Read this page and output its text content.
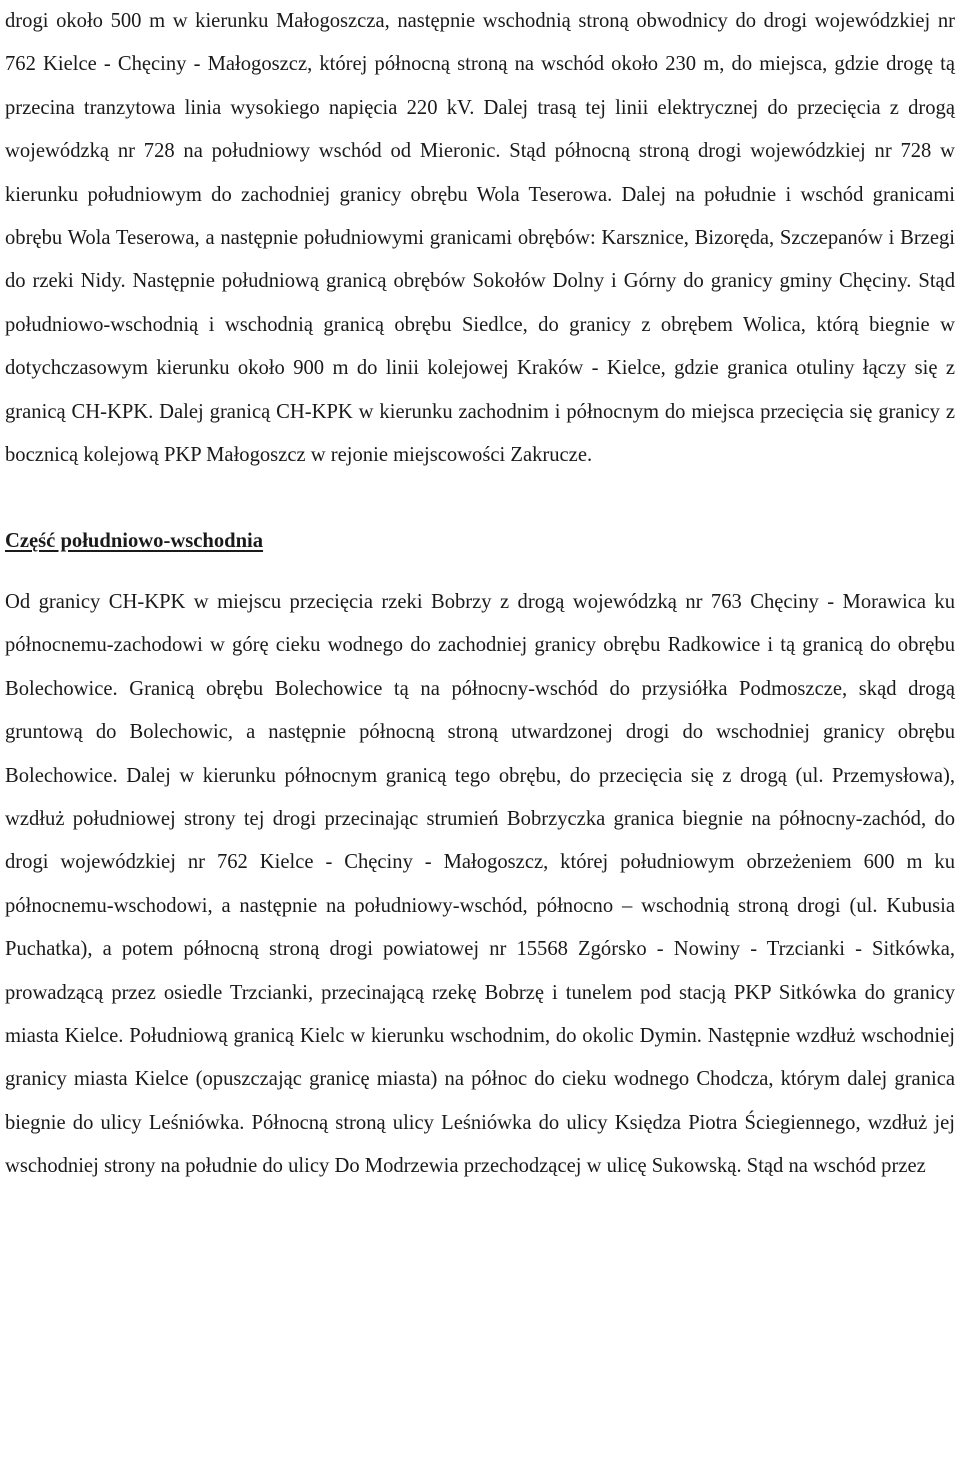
drogi około 500 m w kierunku Małogoszcza, następnie wschodnią stroną obwodnicy do drogi wojewódzkiej nr 762 Kielce - Chęciny - Małogoszcz, której północną stroną na wschód około 230 m, do miejsca, gdzie drogę tą przecina tranzytowa linia wysokiego napięcia 220 kV. Dalej trasą tej linii elektrycznej do przecięcia z drogą wojewódzką nr 728 na południowy wschód od Mieronic. Stąd północną stroną drogi wojewódzkiej nr 728 w kierunku południowym do zachodniej granicy obrębu Wola Teserowa. Dalej na południe i wschód granicami obrębu Wola Teserowa, a następnie południowymi granicami obrębów: Karsznice, Bizoręda, Szczepanów i Brzegi do rzeki Nidy. Następnie południową granicą obrębów Sokołów Dolny i Górny do granicy gminy Chęciny. Stąd południowo-wschodnią i wschodnią granicą obrębu Siedlce, do granicy z obrębem Wolica, którą biegnie w dotychczasowym kierunku około 900 m do linii kolejowej Kraków - Kielce, gdzie granica otuliny łączy się z granicą CH-KPK. Dalej granicą CH-KPK w kierunku zachodnim i północnym do miejsca przecięcia się granicy z bocznicą kolejową PKP Małogoszcz w rejonie miejscowości Zakrucze.

Część południowo-wschodnia

Od granicy CH-KPK w miejscu przecięcia rzeki Bobrzy z drogą wojewódzką nr 763 Chęciny - Morawica ku północnemu-zachodowi w górę cieku wodnego do zachodniej granicy obrębu Radkowice i tą granicą do obrębu Bolechowice. Granicą obrębu Bolechowice tą na północny-wschód do przysiółka Podmoszcze, skąd drogą gruntową do Bolechowic, a następnie północną stroną utwardzonej drogi do wschodniej granicy obrębu Bolechowice. Dalej w kierunku północnym granicą tego obrębu, do przecięcia się z drogą (ul. Przemysłowa), wzdłuż południowej strony tej drogi przecinając strumień Bobrzyczka granica biegnie na północny-zachód, do drogi wojewódzkiej nr 762 Kielce - Chęciny - Małogoszcz, której południowym obrzeżeniem 600 m ku północnemu-wschodowi, a następnie na południowy-wschód, północno – wschodnią stroną drogi (ul. Kubusia Puchatka), a potem północną stroną drogi powiatowej nr 15568 Zgórsko - Nowiny - Trzcianki - Sitkówka, prowadzącą przez osiedle Trzcianki, przecinającą rzekę Bobrzę i tunelem pod stacją PKP Sitkówka do granicy miasta Kielce. Południową granicą Kielc w kierunku wschodnim, do okolic Dymin. Następnie wzdłuż wschodniej granicy miasta Kielce (opuszczając granicę miasta) na północ do cieku wodnego Chodcza, którym dalej granica biegnie do ulicy Leśniówka. Północną stroną ulicy Leśniówka do ulicy Księdza Piotra Ściegiennego, wzdłuż jej wschodniej strony na południe do ulicy Do Modrzewia przechodzącej w ulicę Sukowską. Stąd na wschód przez
